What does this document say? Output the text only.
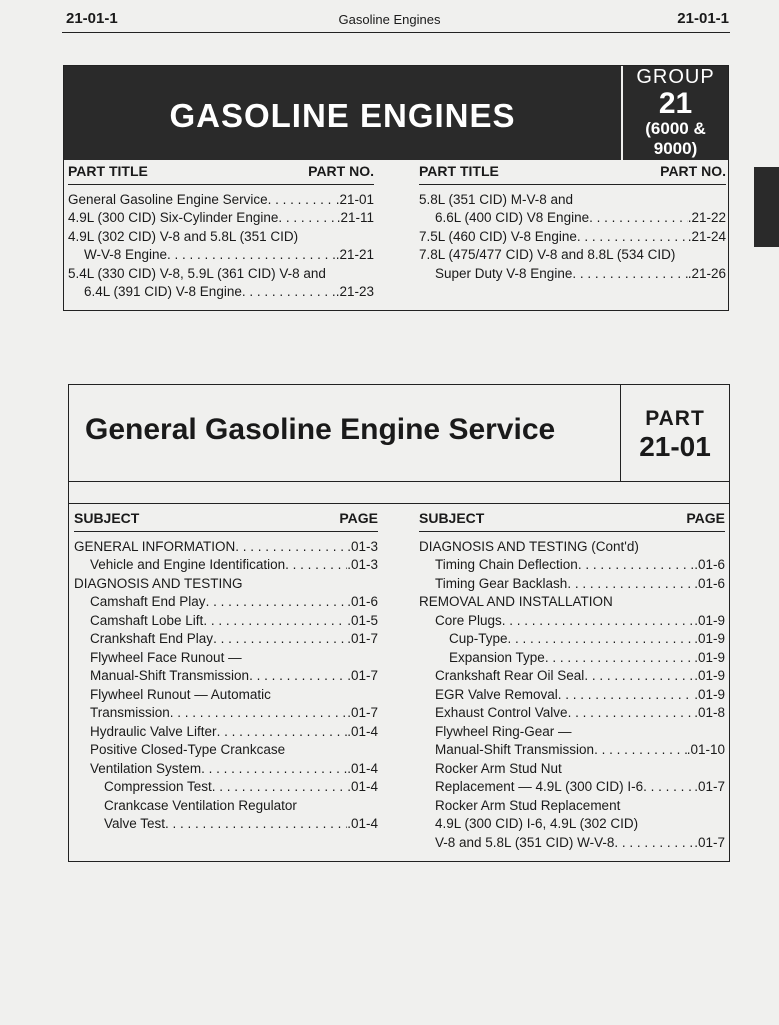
21-01-1	Gasoline Engines	21-01-1
GASOLINE ENGINES
GROUP
21
(6000 &
9000)
PART TITLE	PART NO.
General Gasoline Engine Service . . .	.21-01
4.9L (300 CID) Six-Cylinder Engine . . .	.21-11
4.9L (302 CID) V-8 and 5.8L (351 CID)
W-V-8 Engine . . .	.21-21
5.4L (330 CID) V-8, 5.9L (361 CID) V-8 and
6.4L (391 CID) V-8 Engine . . .	.21-23
PART TITLE	PART NO.
5.8L (351 CID) M-V-8 and
6.6L (400 CID) V8 Engine . . .	.21-22
7.5L (460 CID) V-8 Engine . . .	.21-24
7.8L (475/477 CID) V-8 and 8.8L (534 CID)
Super Duty V-8 Engine . . .	.21-26
General Gasoline Engine Service	PART
21-01
SUBJECT	PAGE
GENERAL INFORMATION . . .	.01-3
Vehicle and Engine Identification . . .	.01-3
DIAGNOSIS AND TESTING
Camshaft End Play . . .	.01-6
Camshaft Lobe Lift . . .	.01-5
Crankshaft End Play . . .	.01-7
Flywheel Face Runout —
Manual-Shift Transmission . . .	.01-7
Flywheel Runout — Automatic
Transmission . . .	.01-7
Hydraulic Valve Lifter . . .	.01-4
Positive Closed-Type Crankcase
Ventilation System . . .	.01-4
Compression Test . . .	.01-4
Crankcase Ventilation Regulator
Valve Test . . .	.01-4
SUBJECT	PAGE
DIAGNOSIS AND TESTING (Cont'd)
Timing Chain Deflection . . .	.01-6
Timing Gear Backlash . . .	.01-6
REMOVAL AND INSTALLATION
Core Plugs . . .	.01-9
Cup-Type . . .	.01-9
Expansion Type . . .	.01-9
Crankshaft Rear Oil Seal . . .	.01-9
EGR Valve Removal . . .	.01-9
Exhaust Control Valve . . .	.01-8
Flywheel Ring-Gear —
Manual-Shift Transmission . . .	.01-10
Rocker Arm Stud Nut
Replacement — 4.9L (300 CID) I-6 . . .	.01-7
Rocker Arm Stud Replacement
4.9L (300 CID) I-6, 4.9L (302 CID)
V-8 and 5.8L (351 CID) W-V-8 . . .	.01-7
